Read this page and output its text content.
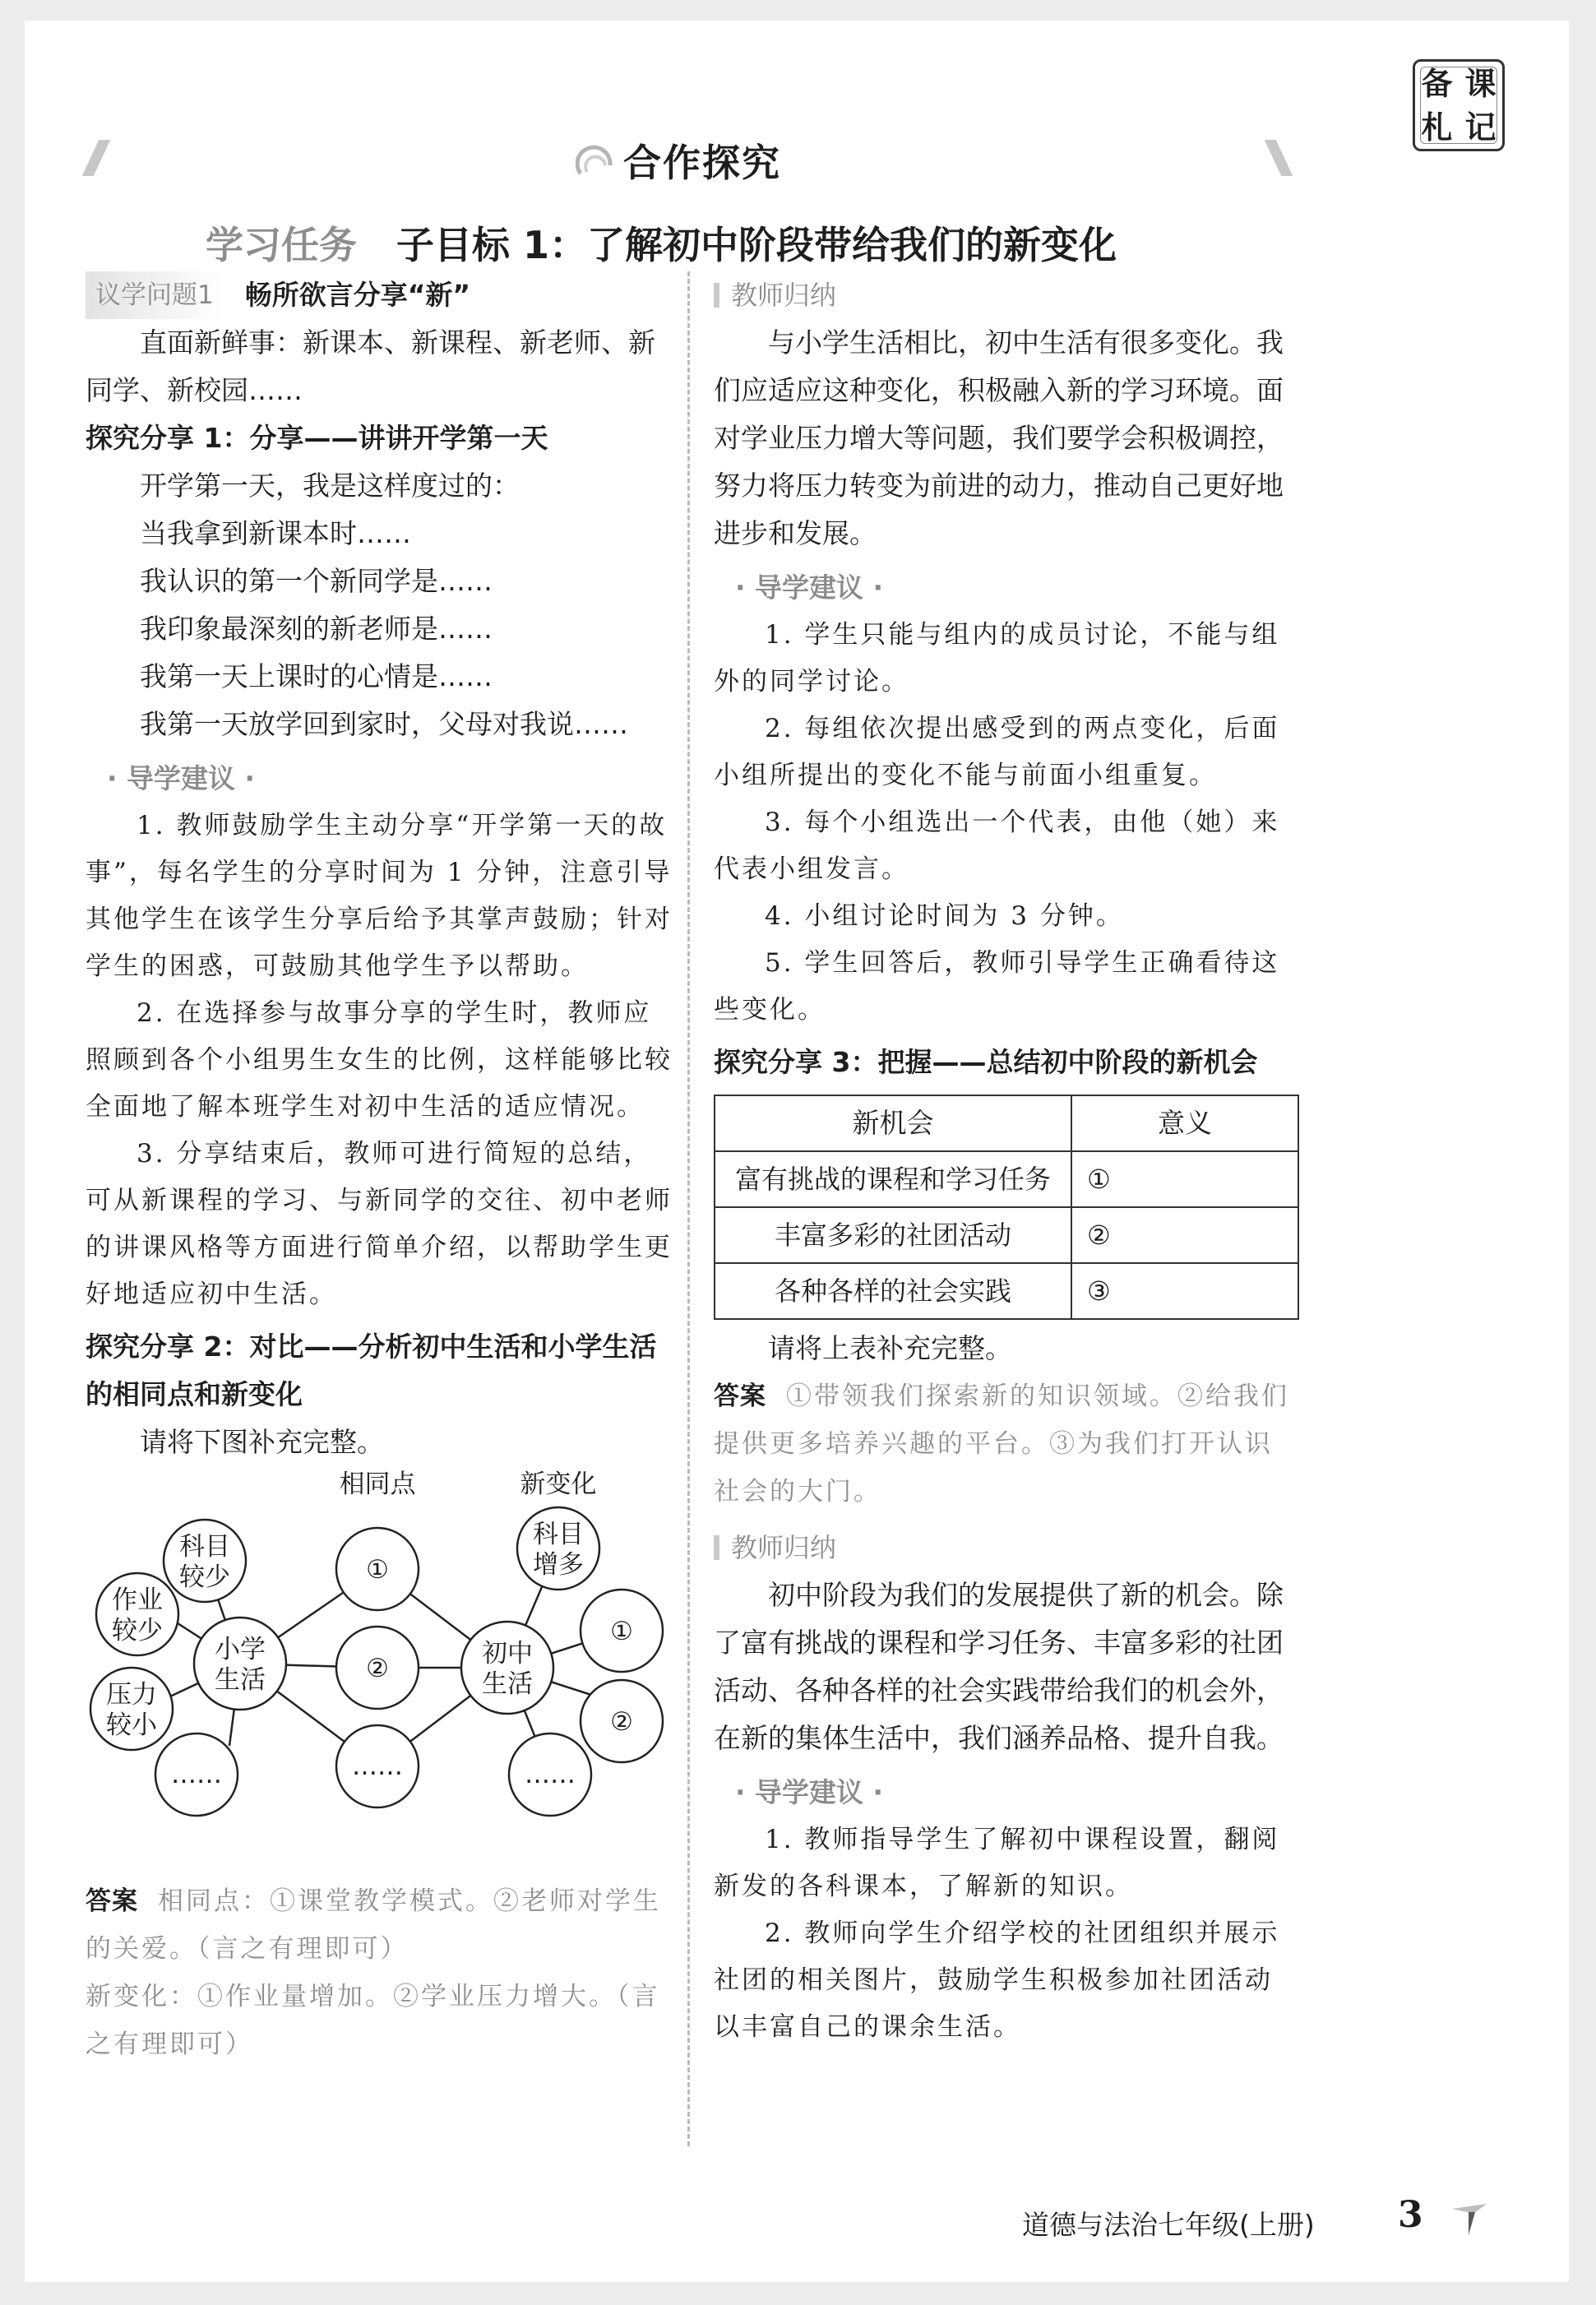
备 课
札 记
合作探究
学习任务 子目标 1：了解初中阶段带给我们的新变化
议学问题1	畅所欲言分享“新”

直面新鲜事：新课本、新课程、新老师、新同学、新校园……

探究分享 1：分享——讲讲开学第一天

开学第一天，我是这样度过的：

当我拿到新课本时……

我认识的第一个新同学是……

我印象最深刻的新老师是……

我第一天上课时的心情是……

我第一天放学回到家时，父母对我说……

· 导学建议 ·

1. 教师鼓励学生主动分享“开学第一天的故事”，每名学生的分享时间为 1 分钟，注意引导其他学生在该学生分享后给予其掌声鼓励；针对学生的困惑，可鼓励其他学生予以帮助。

2. 在选择参与故事分享的学生时，教师应照顾到各个小组男生女生的比例，这样能够比较全面地了解本班学生对初中生活的适应情况。

3. 分享结束后，教师可进行简短的总结，可从新课程的学习、与新同学的交往、初中老师的讲课风格等方面进行简单介绍，以帮助学生更好地适应初中生活。

探究分享 2：对比——分析初中生活和小学生活的相同点和新变化

请将下图补充完整。

相同点	新变化
小学
生活
初中
生活
科目
较少
作业
较少
压力
较小
……
①
②
……
科目
增多
①
②
……

答案 相同点：①课堂教学模式。②老师对学生的关爱。（言之有理即可）

新变化：①作业量增加。②学业压力增大。（言之有理即可）

教师归纳

与小学生活相比，初中生活有很多变化。我们应适应这种变化，积极融入新的学习环境。面对学业压力增大等问题，我们要学会积极调控，努力将压力转变为前进的动力，推动自己更好地进步和发展。

· 导学建议 ·

1. 学生只能与组内的成员讨论，不能与组外的同学讨论。

2. 每组依次提出感受到的两点变化，后面小组所提出的变化不能与前面小组重复。

3. 每个小组选出一个代表，由他（她）来代表小组发言。

4. 小组讨论时间为 3 分钟。

5. 学生回答后，教师引导学生正确看待这些变化。

探究分享 3：把握——总结初中阶段的新机会

新机会	意义
富有挑战的课程和学习任务	①
丰富多彩的社团活动	②
各种各样的社会实践	③

请将上表补充完整。

答案 ①带领我们探索新的知识领域。②给我们提供更多培养兴趣的平台。③为我们打开认识社会的大门。

教师归纳

初中阶段为我们的发展提供了新的机会。除了富有挑战的课程和学习任务、丰富多彩的社团活动、各种各样的社会实践带给我们的机会外，在新的集体生活中，我们涵养品格、提升自我。

· 导学建议 ·

1. 教师指导学生了解初中课程设置，翻阅新发的各科课本，了解新的知识。

2. 教师向学生介绍学校的社团组织并展示社团的相关图片，鼓励学生积极参加社团活动以丰富自己的课余生活。

道德与法治七年级(上册) 3
